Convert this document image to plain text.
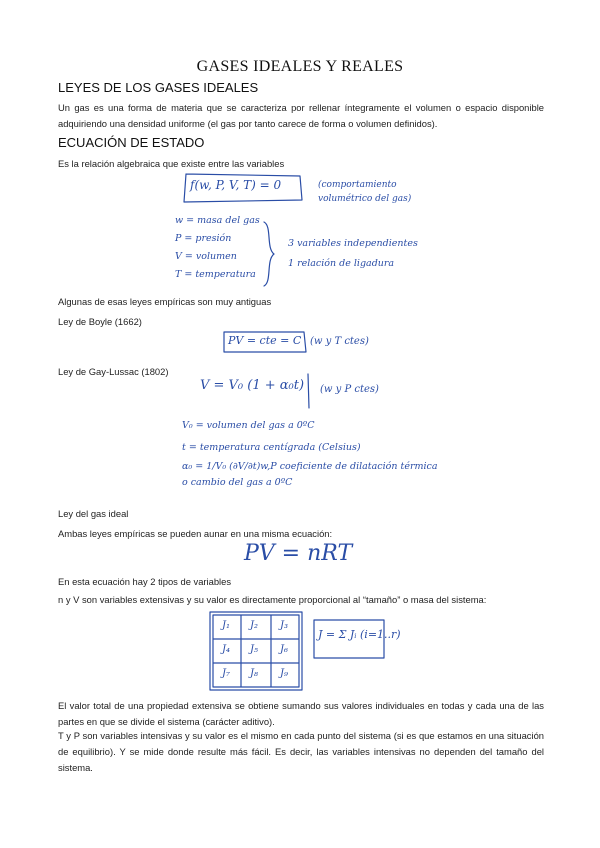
GASES IDEALES Y REALES
LEYES DE LOS GASES IDEALES
Un gas es una forma de materia que se caracteriza por rellenar íntegramente el volumen o espacio disponible adquiriendo una densidad uniforme (el gas por tanto carece de forma o volumen definidos).
ECUACIÓN DE ESTADO
Es la relación algebraica que existe entre las variables
f(w, P, V, T) = 0	(comportamiento volumétrico del gas)
w = masa del gas
P = presión
V = volumen
T = temperatura
3 variables independientes
1 relación de ligadura
Algunas de esas leyes empíricas son muy antiguas
Ley de Boyle (1662)
PV = cte = C (w y T ctes)
Ley de Gay-Lussac (1802)
V = V₀ (1 + α₀t) (w y P ctes)
V₀ = volumen del gas a 0ºC
t = temperatura centígrada (Celsius)
α₀ = 1/V₀ (∂V/∂t)w,P coeficiente de dilatación térmica o cambio del gas a 0ºC
Ley del gas ideal
Ambas leyes empíricas se pueden aunar en una misma ecuación:
PV = nRT
En esta ecuación hay 2 tipos de variables
n y V son variables extensivas y su valor es directamente proporcional al “tamaño” o masa del sistema:
J₁ J₂ J₃
J₄ J₅ J₆
J₇ J₈ J₉
J = Σ Jᵢ (i=1..r)
El valor total de una propiedad extensiva se obtiene sumando sus valores individuales en todas y cada una de las partes en que se divide el sistema (carácter aditivo).
T y P son variables intensivas y su valor es el mismo en cada punto del sistema (si es que estamos en una situación de equilibrio). Y se mide donde resulte más fácil. Es decir, las variables intensivas no dependen del tamaño del sistema.
